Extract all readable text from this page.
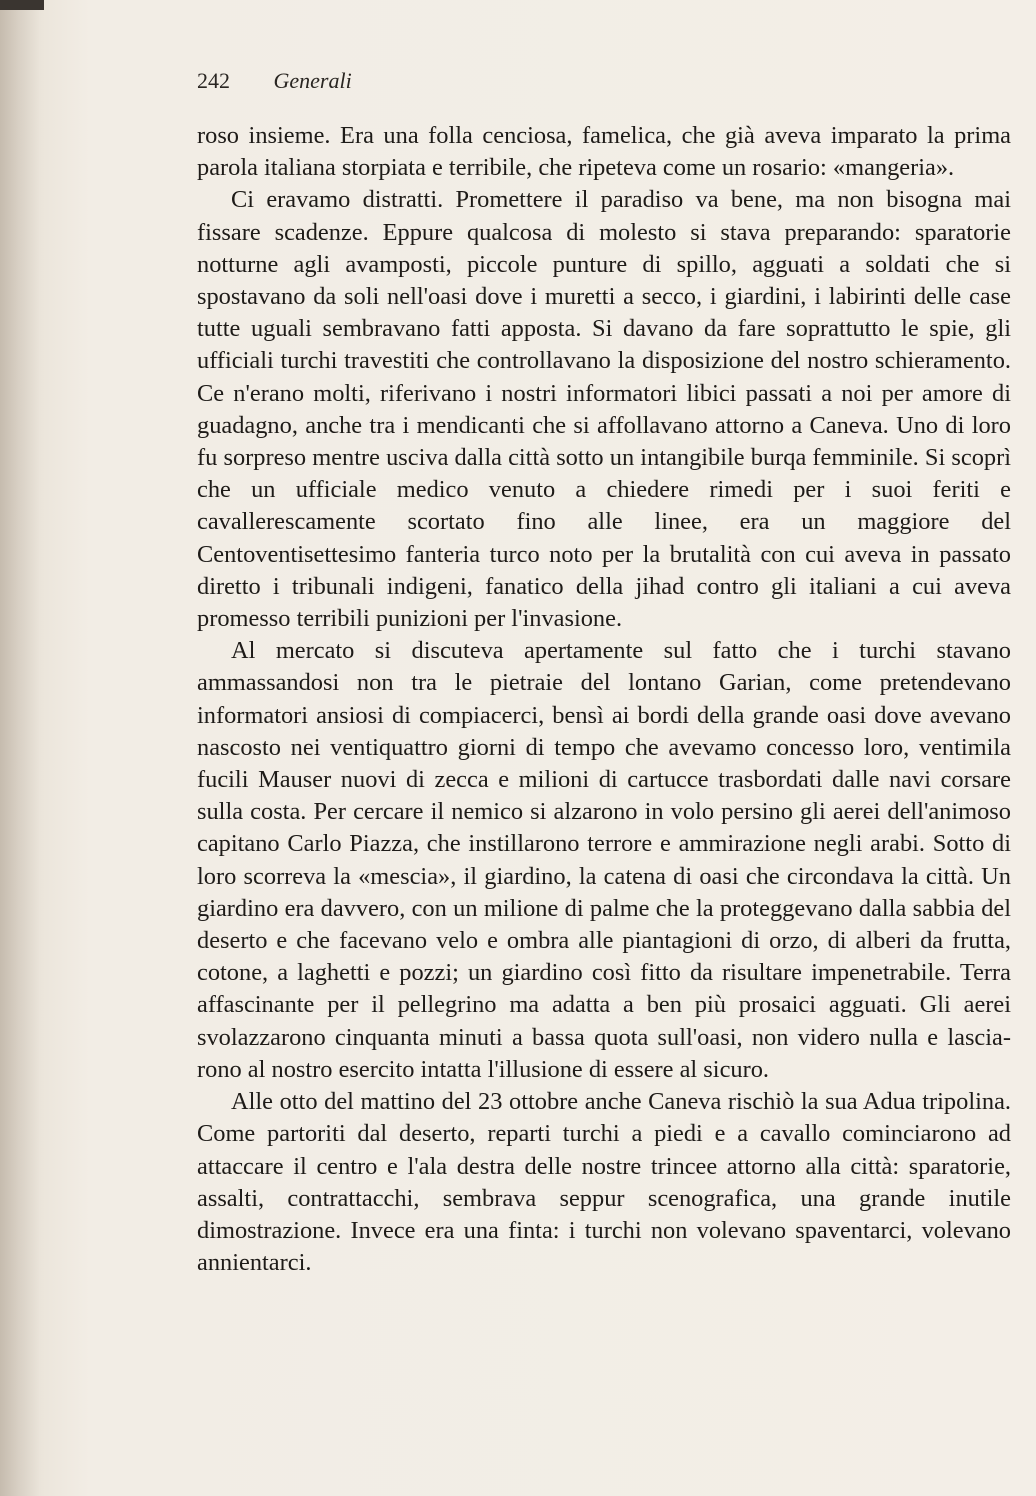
242 Generali

roso insieme. Era una folla cenciosa, famelica, che già aveva imparato la prima parola italiana storpiata e terribile, che ripeteva come un rosario: «mangeria».

Ci eravamo distratti. Promettere il paradiso va bene, ma non bisogna mai fissare scadenze. Eppure qualcosa di molesto si stava preparando: sparatorie notturne agli avamposti, piccole punture di spillo, agguati a soldati che si spostavano da soli nell'oasi dove i muretti a secco, i giardini, i labirinti delle case tutte uguali sembravano fatti apposta. Si davano da fare soprattutto le spie, gli ufficiali turchi travestiti che controllavano la disposizione del nostro schieramento. Ce n'erano molti, riferivano i nostri informatori libici passati a noi per amore di guadagno, anche tra i mendicanti che si affollavano attorno a Caneva. Uno di loro fu sorpreso mentre usciva dalla città sotto un intangibile burqa femminile. Si scoprì che un ufficiale medico venuto a chiedere rimedi per i suoi feriti e cavallerescamente scortato fino alle linee, era un maggiore del Centoventisettesimo fanteria turco noto per la brutalità con cui aveva in passato diretto i tribunali indigeni, fanatico della jihad contro gli italiani a cui aveva promesso terribili punizioni per l'invasione.

Al mercato si discuteva apertamente sul fatto che i turchi stavano ammassandosi non tra le pietraie del lontano Garian, come pretendevano informatori ansiosi di compiacerci, bensì ai bordi della grande oasi dove avevano nascosto nei ventiquattro giorni di tempo che avevamo concesso loro, ventimila fucili Mauser nuovi di zecca e milioni di cartucce trasbordati dalle navi corsare sulla costa. Per cercare il nemico si alzarono in volo persino gli aerei dell'animoso capitano Carlo Piazza, che instillarono terrore e ammirazione negli arabi. Sotto di loro scorreva la «mescia», il giardino, la catena di oasi che circondava la città. Un giardino era davvero, con un milione di palme che la proteggevano dalla sabbia del deserto e che facevano velo e ombra alle piantagioni di orzo, di alberi da frutta, cotone, a laghetti e pozzi; un giardino così fitto da risultare impenetrabile. Terra affascinante per il pellegrino ma adatta a ben più prosaici agguati. Gli aerei svolazzarono cinquanta minuti a bassa quota sull'oasi, non videro nulla e lasciarono al nostro esercito intatta l'illusione di essere al sicuro.

Alle otto del mattino del 23 ottobre anche Caneva rischiò la sua Adua tripolina. Come partoriti dal deserto, reparti turchi a piedi e a cavallo cominciarono ad attaccare il centro e l'ala destra delle nostre trincee attorno alla città: sparatorie, assalti, contrattacchi, sembrava seppur scenografica, una grande inutile dimostrazione. Invece era una finta: i turchi non volevano spaventarci, volevano annientarci.
